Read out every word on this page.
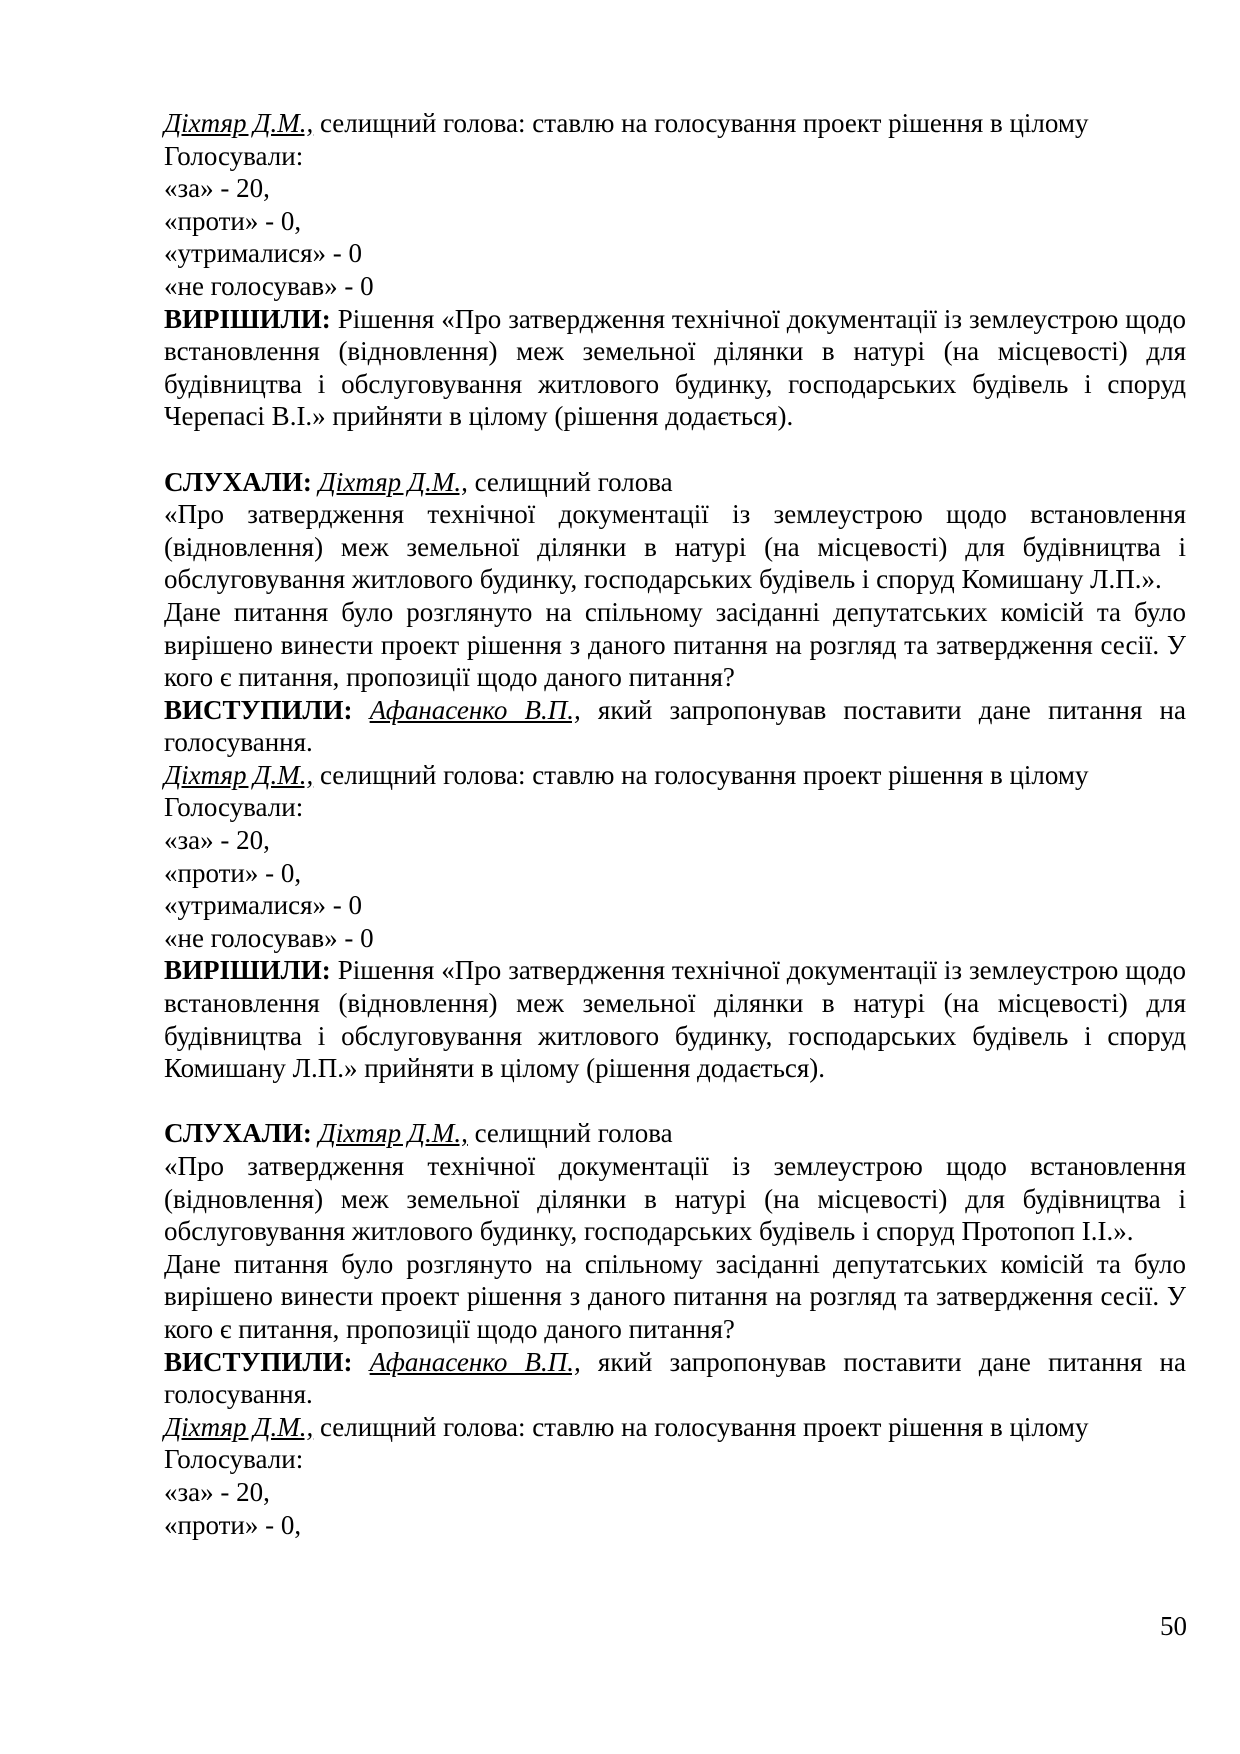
Діхтяр Д.М., селищний голова: ставлю на голосування проект рішення в цілому

Голосували:

«за» - 20,

«проти» - 0,

«утрималися» - 0

«не голосував» - 0

ВИРІШИЛИ: Рішення «Про затвердження технічної документації із землеустрою щодо встановлення (відновлення) меж земельної ділянки в натурі (на місцевості) для будівництва і обслуговування житлового будинку, господарських будівель і споруд Черепасі В.І.» прийняти в цілому (рішення додається).

СЛУХАЛИ: Діхтяр Д.М., селищний голова

«Про затвердження технічної документації із землеустрою щодо встановлення (відновлення) меж земельної ділянки в натурі (на місцевості) для будівництва і обслуговування житлового будинку, господарських будівель і споруд Комишану Л.П.».

Дане питання було розглянуто на спільному засіданні депутатських комісій та було вирішено винести проект рішення з даного питання на розгляд та затвердження сесії. У кого є питання, пропозиції щодо даного питання?

ВИСТУПИЛИ: Афанасенко В.П., який запропонував поставити дане питання на голосування.

Діхтяр Д.М., селищний голова: ставлю на голосування проект рішення в цілому

Голосували:

«за» - 20,

«проти» - 0,

«утрималися» - 0

«не голосував» - 0

ВИРІШИЛИ: Рішення «Про затвердження технічної документації із землеустрою щодо встановлення (відновлення) меж земельної ділянки в натурі (на місцевості) для будівництва і обслуговування житлового будинку, господарських будівель і споруд Комишану Л.П.» прийняти в цілому (рішення додається).

СЛУХАЛИ: Діхтяр Д.М., селищний голова

«Про затвердження технічної документації із землеустрою щодо встановлення (відновлення) меж земельної ділянки в натурі (на місцевості) для будівництва і обслуговування житлового будинку, господарських будівель і споруд Протопоп І.І.».

Дане питання було розглянуто на спільному засіданні депутатських комісій та було вирішено винести проект рішення з даного питання на розгляд та затвердження сесії. У кого є питання, пропозиції щодо даного питання?

ВИСТУПИЛИ: Афанасенко В.П., який запропонував поставити дане питання на голосування.

Діхтяр Д.М., селищний голова: ставлю на голосування проект рішення в цілому

Голосували:

«за» - 20,

«проти» - 0,

50
